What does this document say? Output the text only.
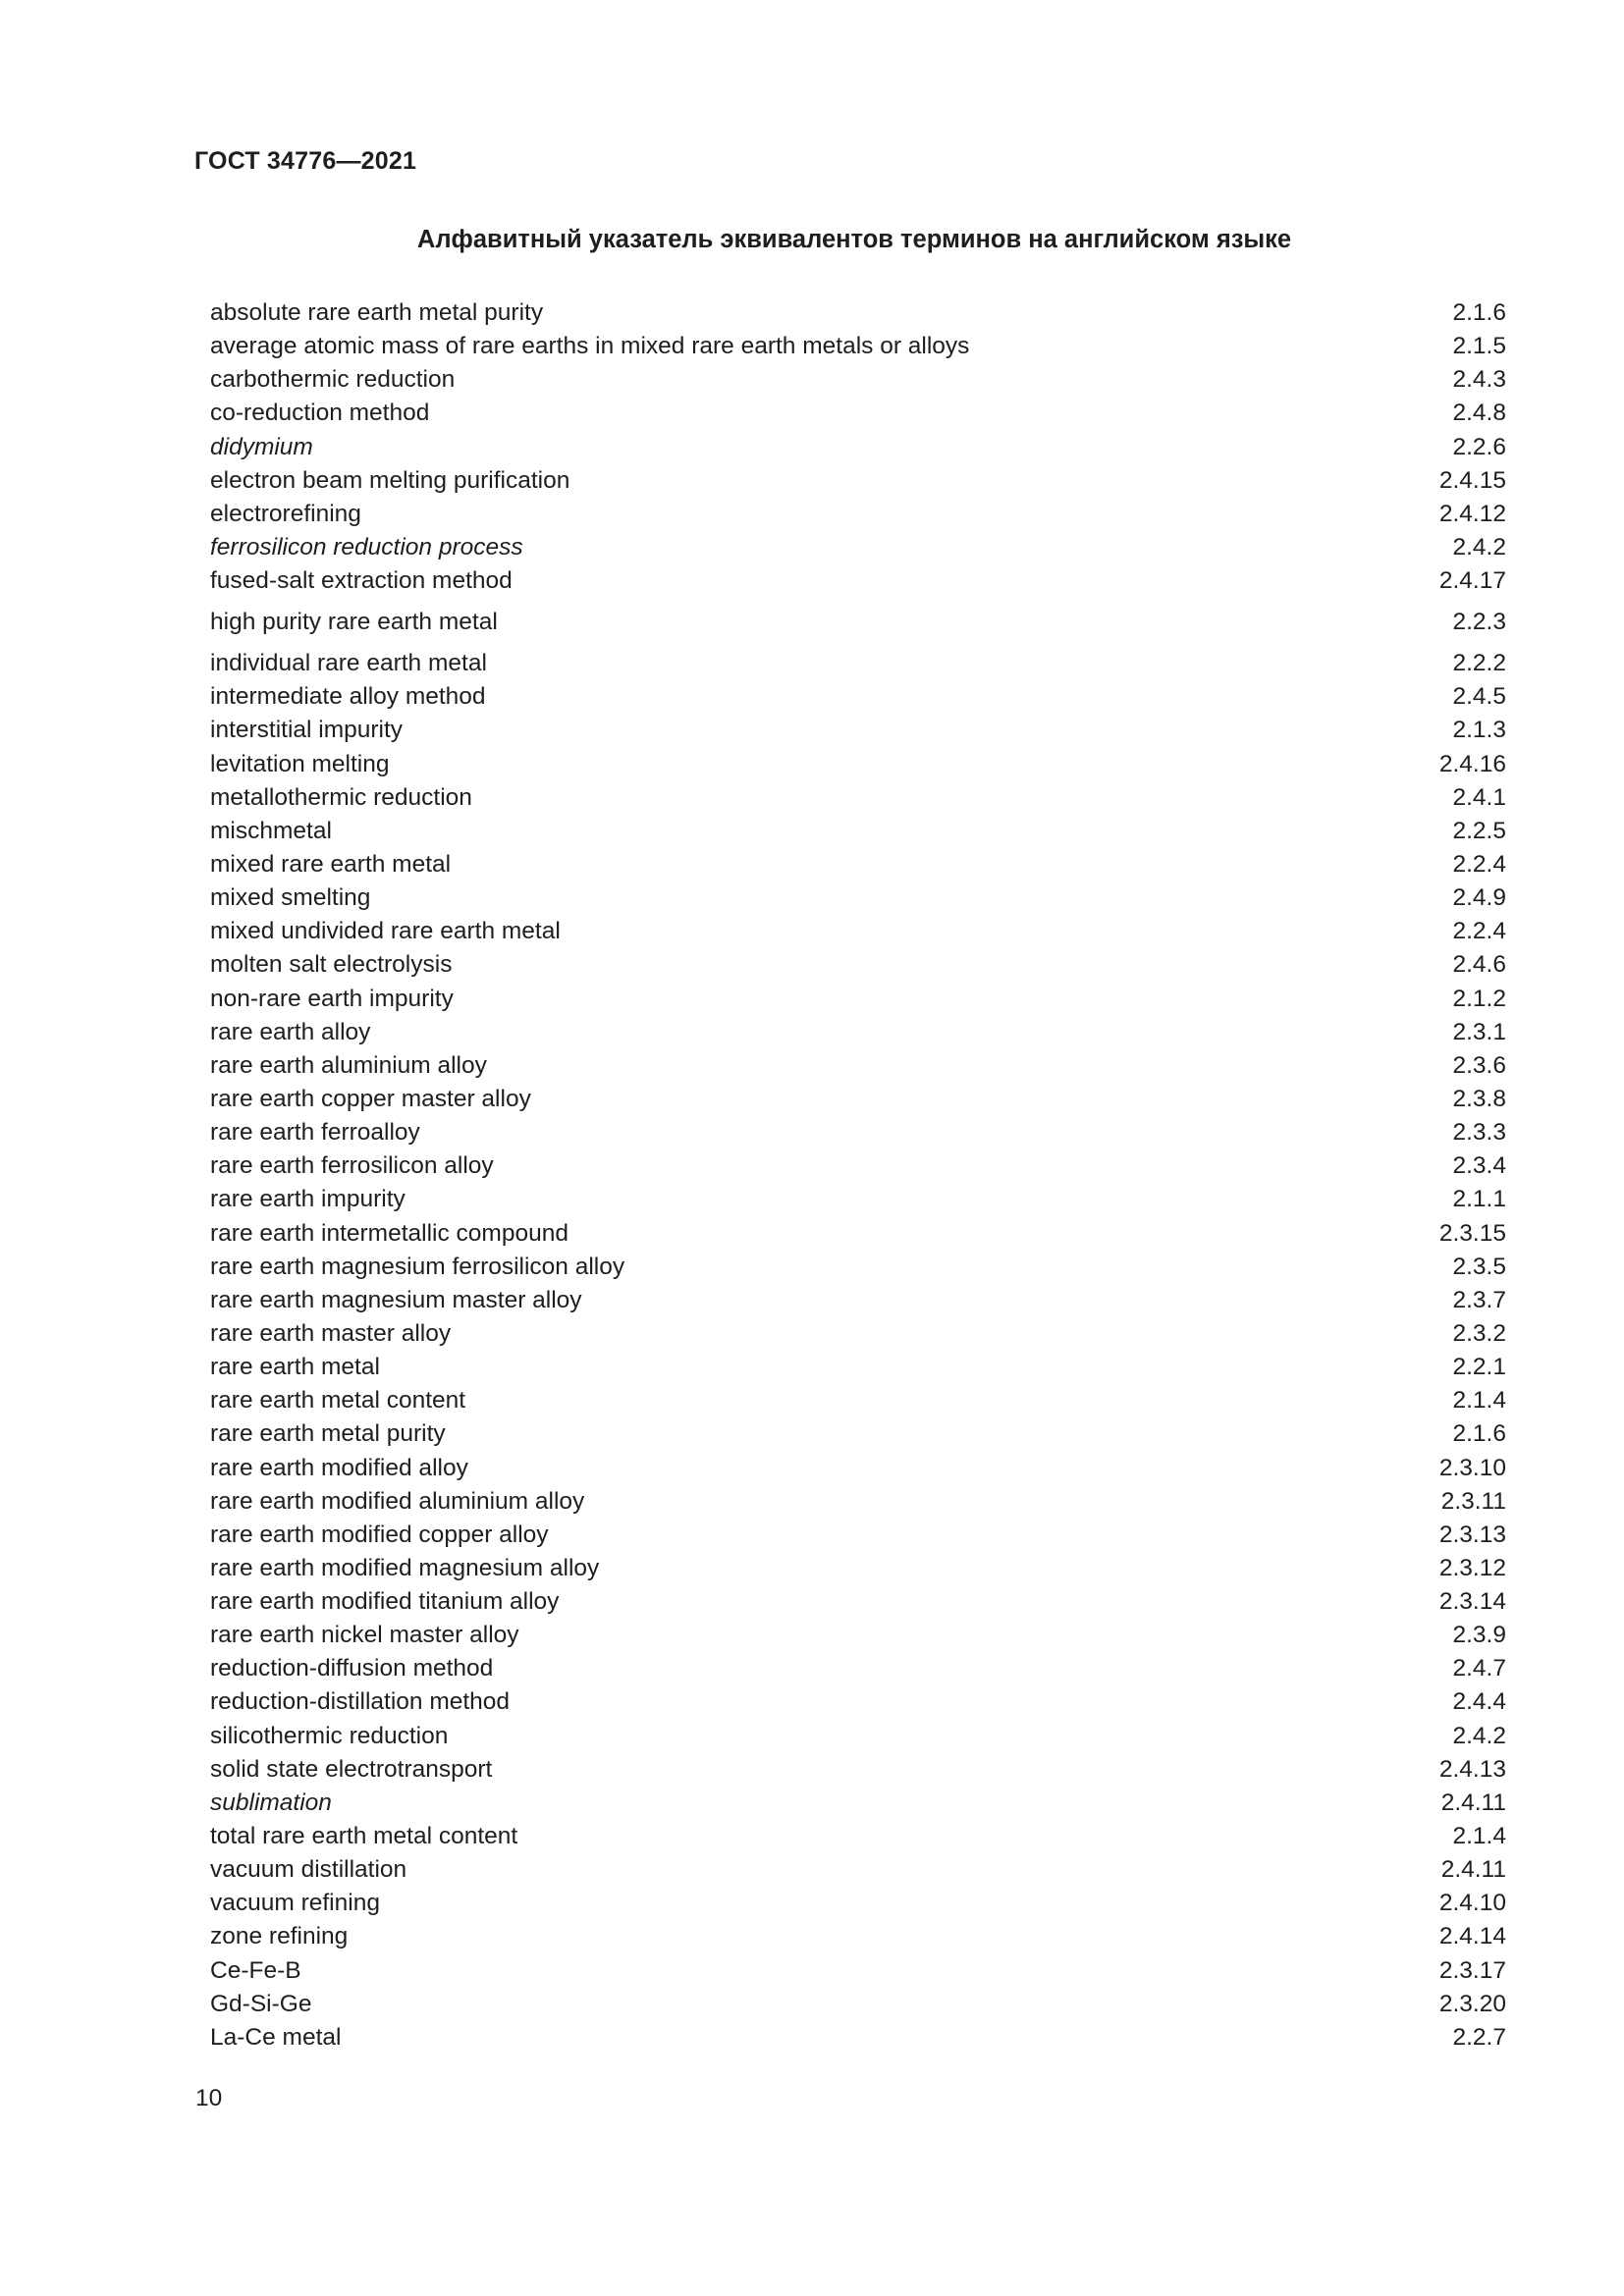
ГОСТ 34776—2021
Алфавитный указатель эквивалентов терминов на английском языке
absolute rare earth metal purity	2.1.6
average atomic mass of rare earths in mixed rare earth metals or alloys	2.1.5
carbothermic reduction	2.4.3
co-reduction method	2.4.8
didymium	2.2.6
electron beam melting purification	2.4.15
electrorefining	2.4.12
ferrosilicon reduction process	2.4.2
fused-salt extraction method	2.4.17
high purity rare earth metal	2.2.3
individual rare earth metal	2.2.2
intermediate alloy method	2.4.5
interstitial impurity	2.1.3
levitation melting	2.4.16
metallothermic reduction	2.4.1
mischmetal	2.2.5
mixed rare earth metal	2.2.4
mixed smelting	2.4.9
mixed undivided rare earth metal	2.2.4
molten salt electrolysis	2.4.6
non-rare earth impurity	2.1.2
rare earth alloy	2.3.1
rare earth aluminium alloy	2.3.6
rare earth copper master alloy	2.3.8
rare earth ferroalloy	2.3.3
rare earth ferrosilicon alloy	2.3.4
rare earth impurity	2.1.1
rare earth intermetallic compound	2.3.15
rare earth magnesium ferrosilicon alloy	2.3.5
rare earth magnesium master alloy	2.3.7
rare earth master alloy	2.3.2
rare earth metal	2.2.1
rare earth metal content	2.1.4
rare earth metal purity	2.1.6
rare earth modified alloy	2.3.10
rare earth modified aluminium alloy	2.3.11
rare earth modified copper alloy	2.3.13
rare earth modified magnesium alloy	2.3.12
rare earth modified titanium alloy	2.3.14
rare earth nickel master alloy	2.3.9
reduction-diffusion method	2.4.7
reduction-distillation method	2.4.4
silicothermic reduction	2.4.2
solid state electrotransport	2.4.13
sublimation	2.4.11
total rare earth metal content	2.1.4
vacuum distillation	2.4.11
vacuum refining	2.4.10
zone refining	2.4.14
Ce-Fe-B	2.3.17
Gd-Si-Ge	2.3.20
La-Ce metal	2.2.7
10
